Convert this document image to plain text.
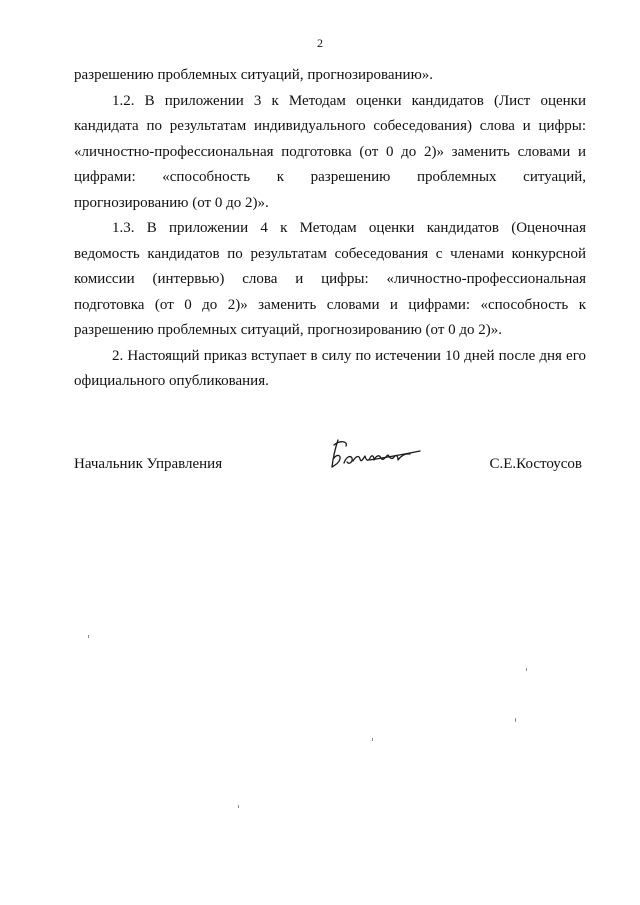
2

разрешению проблемных ситуаций, прогнозированию».

1.2. В приложении 3 к Методам оценки кандидатов (Лист оценки кандидата по результатам индивидуального собеседования) слова и цифры: «личностно-профессиональная подготовка (от 0 до 2)» заменить словами и цифрами: «способность к разрешению проблемных ситуаций, прогнозированию (от 0 до 2)».

1.3. В приложении 4 к Методам оценки кандидатов (Оценочная ведомость кандидатов по результатам собеседования с членами конкурсной комиссии (интервью) слова и цифры: «личностно-профессиональная подготовка (от 0 до 2)» заменить словами и цифрами: «способность к разрешению проблемных ситуаций, прогнозированию (от 0 до 2)».

2. Настоящий приказ вступает в силу по истечении 10 дней после дня его официального опубликования.

Начальник Управления	С.Е.Костоусов
